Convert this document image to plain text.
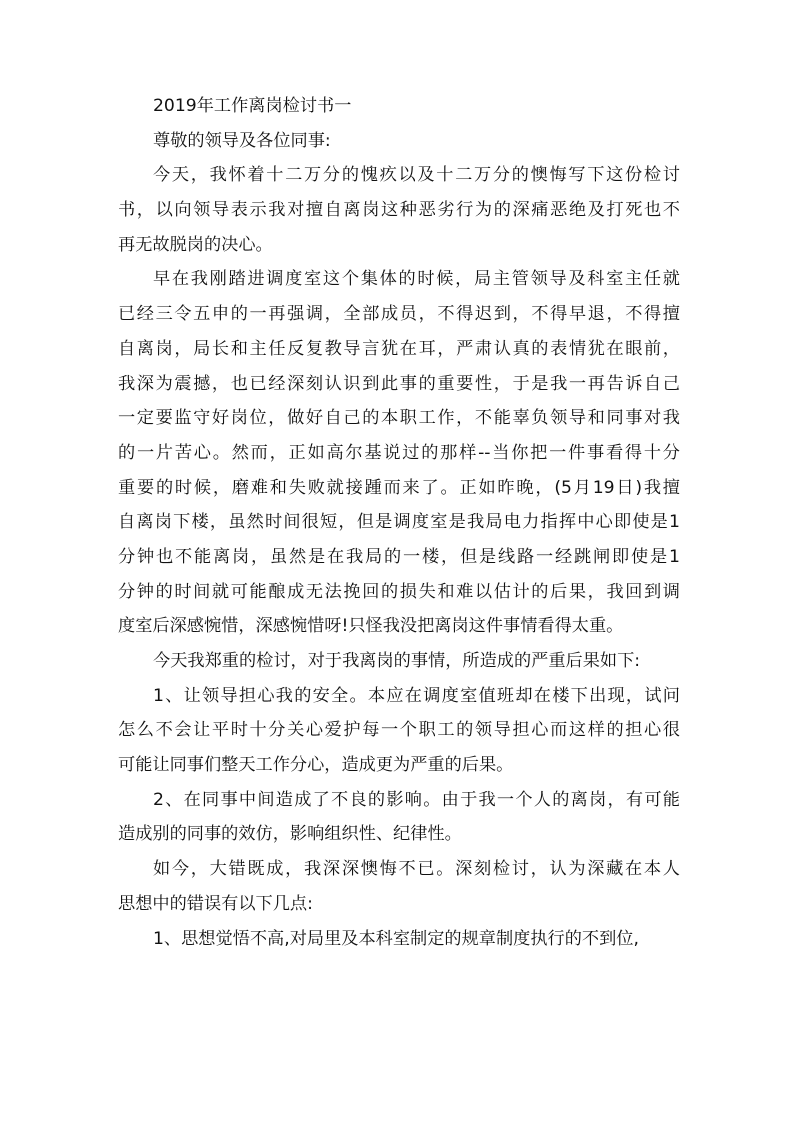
2019年工作离岗检讨书一
尊敬的领导及各位同事:
今天，我怀着十二万分的愧疚以及十二万分的懊悔写下这份检讨
书，以向领导表示我对擅自离岗这种恶劣行为的深痛恶绝及打死也不
再无故脱岗的决心。
早在我刚踏进调度室这个集体的时候，局主管领导及科室主任就
已经三令五申的一再强调，全部成员，不得迟到，不得早退，不得擅
自离岗，局长和主任反复教导言犹在耳，严肃认真的表情犹在眼前，
我深为震撼，也已经深刻认识到此事的重要性，于是我一再告诉自己
一定要监守好岗位，做好自己的本职工作，不能辜负领导和同事对我
的一片苦心。然而，正如高尔基说过的那样--当你把一件事看得十分
重要的时候，磨难和失败就接踵而来了。正如昨晚，(5月19日)我擅
自离岗下楼，虽然时间很短，但是调度室是我局电力指挥中心即使是1
分钟也不能离岗，虽然是在我局的一楼，但是线路一经跳闸即使是1
分钟的时间就可能酿成无法挽回的损失和难以估计的后果，我回到调
度室后深感惋惜，深感惋惜呀!只怪我没把离岗这件事情看得太重。
今天我郑重的检讨，对于我离岗的事情，所造成的严重后果如下:
1、让领导担心我的安全。本应在调度室值班却在楼下出现，试问
怎么不会让平时十分关心爱护每一个职工的领导担心而这样的担心很
可能让同事们整天工作分心，造成更为严重的后果。
2、在同事中间造成了不良的影响。由于我一个人的离岗，有可能
造成别的同事的效仿，影响组织性、纪律性。
如今，大错既成，我深深懊悔不已。深刻检讨，认为深藏在本人
思想中的错误有以下几点:
1、思想觉悟不高,对局里及本科室制定的规章制度执行的不到位,
